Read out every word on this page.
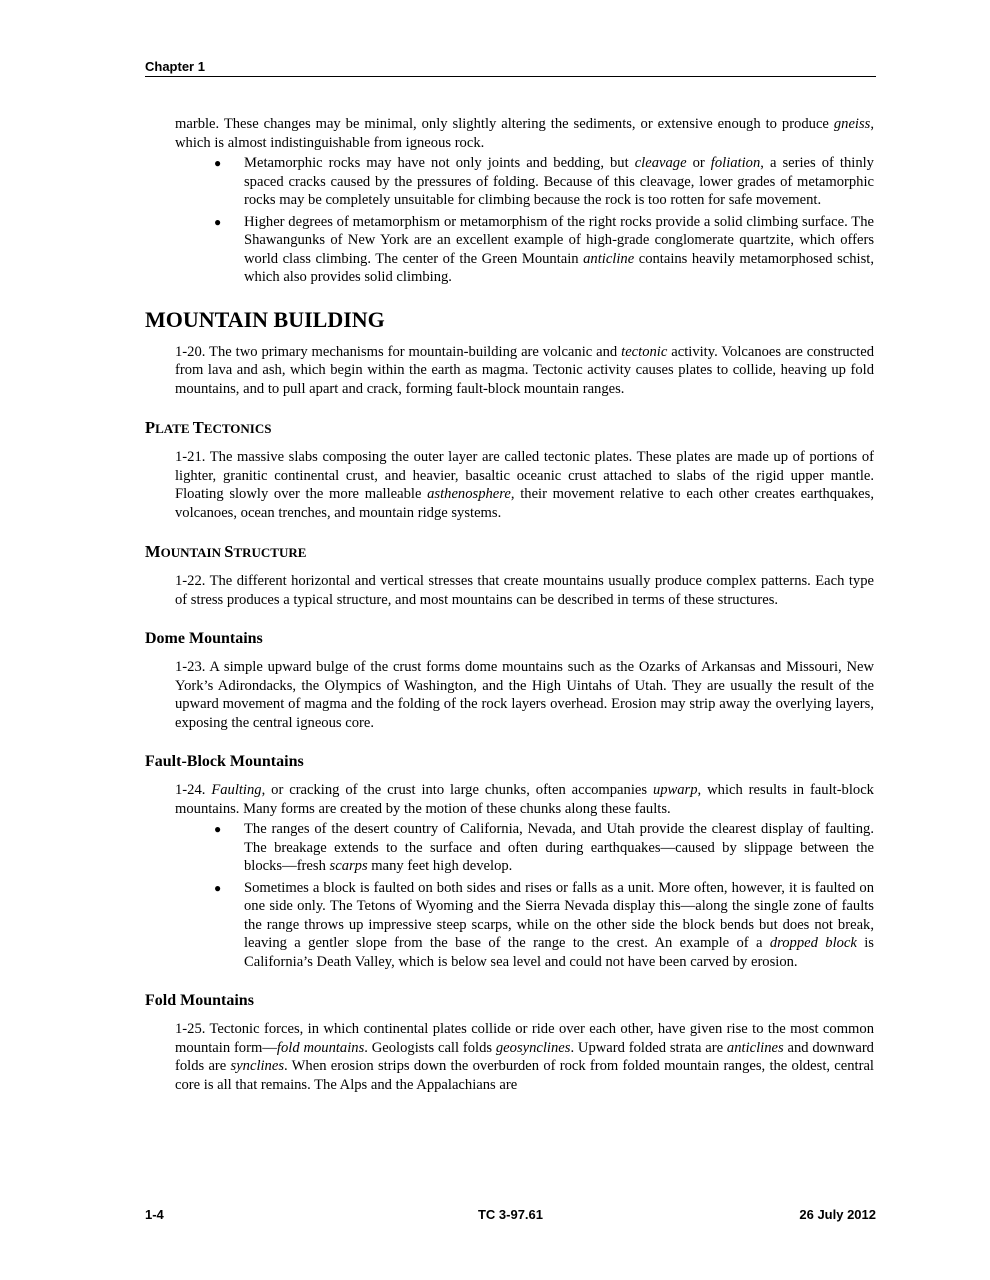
Chapter 1

marble. These changes may be minimal, only slightly altering the sediments, or extensive enough to produce gneiss, which is almost indistinguishable from igneous rock.

● Metamorphic rocks may have not only joints and bedding, but cleavage or foliation, a series of thinly spaced cracks caused by the pressures of folding. Because of this cleavage, lower grades of metamorphic rocks may be completely unsuitable for climbing because the rock is too rotten for safe movement.
● Higher degrees of metamorphism or metamorphism of the right rocks provide a solid climbing surface. The Shawangunks of New York are an excellent example of high-grade conglomerate quartzite, which offers world class climbing. The center of the Green Mountain anticline contains heavily metamorphosed schist, which also provides solid climbing.
MOUNTAIN BUILDING

1-20. The two primary mechanisms for mountain-building are volcanic and tectonic activity. Volcanoes are constructed from lava and ash, which begin within the earth as magma. Tectonic activity causes plates to collide, heaving up fold mountains, and to pull apart and crack, forming fault-block mountain ranges.

PLATE TECTONICS

1-21. The massive slabs composing the outer layer are called tectonic plates. These plates are made up of portions of lighter, granitic continental crust, and heavier, basaltic oceanic crust attached to slabs of the rigid upper mantle. Floating slowly over the more malleable asthenosphere, their movement relative to each other creates earthquakes, volcanoes, ocean trenches, and mountain ridge systems.

MOUNTAIN STRUCTURE

1-22. The different horizontal and vertical stresses that create mountains usually produce complex patterns. Each type of stress produces a typical structure, and most mountains can be described in terms of these structures.

Dome Mountains

1-23. A simple upward bulge of the crust forms dome mountains such as the Ozarks of Arkansas and Missouri, New York’s Adirondacks, the Olympics of Washington, and the High Uintahs of Utah. They are usually the result of the upward movement of magma and the folding of the rock layers overhead. Erosion may strip away the overlying layers, exposing the central igneous core.

Fault-Block Mountains

1-24. Faulting, or cracking of the crust into large chunks, often accompanies upwarp, which results in fault-block mountains. Many forms are created by the motion of these chunks along these faults.

● The ranges of the desert country of California, Nevada, and Utah provide the clearest display of faulting. The breakage extends to the surface and often during earthquakes―caused by slippage between the blocks―fresh scarps many feet high develop.
● Sometimes a block is faulted on both sides and rises or falls as a unit. More often, however, it is faulted on one side only. The Tetons of Wyoming and the Sierra Nevada display this―along the single zone of faults the range throws up impressive steep scarps, while on the other side the block bends but does not break, leaving a gentler slope from the base of the range to the crest. An example of a dropped block is California’s Death Valley, which is below sea level and could not have been carved by erosion.
Fold Mountains

1-25. Tectonic forces, in which continental plates collide or ride over each other, have given rise to the most common mountain form―fold mountains. Geologists call folds geosynclines. Upward folded strata are anticlines and downward folds are synclines. When erosion strips down the overburden of rock from folded mountain ranges, the oldest, central core is all that remains. The Alps and the Appalachians are

1-4	TC 3-97.61	26 July 2012
